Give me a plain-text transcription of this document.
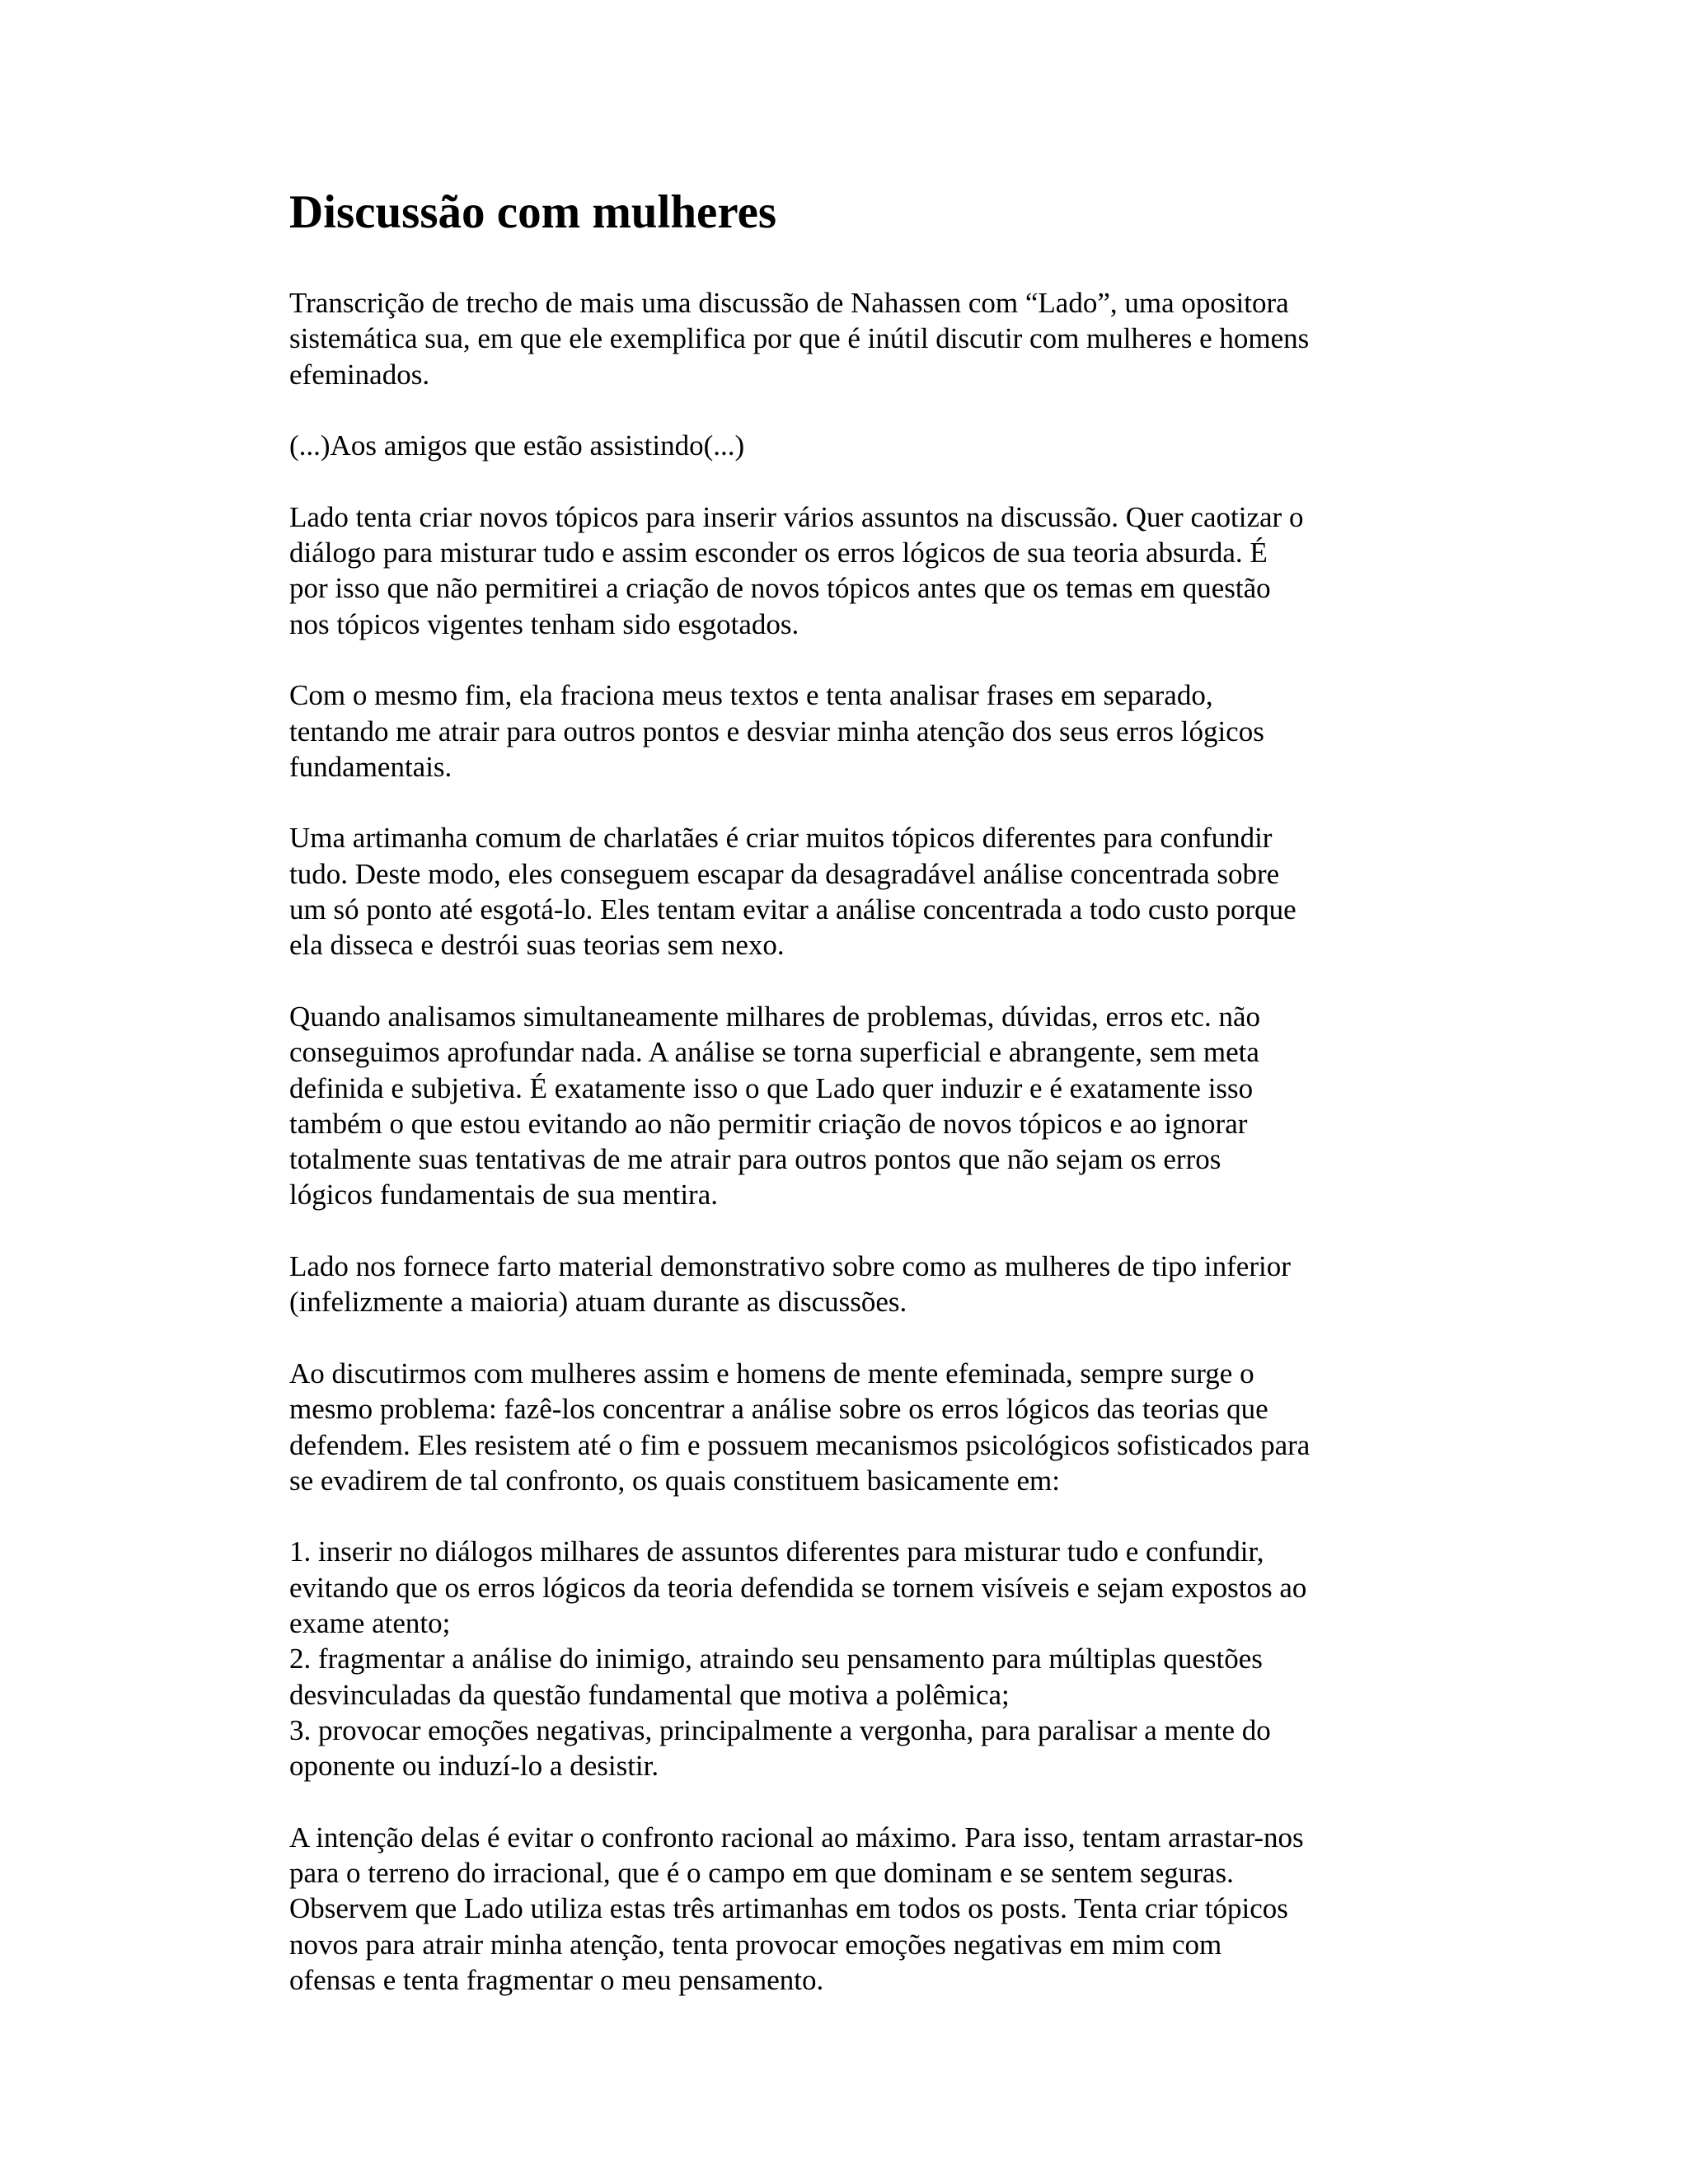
Discussão com mulheres

Transcrição de trecho de mais uma discussão de Nahassen com “Lado”, uma opositora
sistemática sua, em que ele exemplifica por que é inútil discutir com mulheres e homens
efeminados.

(...)Aos amigos que estão assistindo(...)

Lado tenta criar novos tópicos para inserir vários assuntos na discussão. Quer caotizar o
diálogo para misturar tudo e assim esconder os erros lógicos de sua teoria absurda. É
por isso que não permitirei a criação de novos tópicos antes que os temas em questão
nos tópicos vigentes tenham sido esgotados.

Com o mesmo fim, ela fraciona meus textos e tenta analisar frases em separado,
tentando me atrair para outros pontos e desviar minha atenção dos seus erros lógicos
fundamentais.

Uma artimanha comum de charlatães é criar muitos tópicos diferentes para confundir
tudo. Deste modo, eles conseguem escapar da desagradável análise concentrada sobre
um só ponto até esgotá-lo. Eles tentam evitar a análise concentrada a todo custo porque
ela disseca e destrói suas teorias sem nexo.

Quando analisamos simultaneamente milhares de problemas, dúvidas, erros etc. não
conseguimos aprofundar nada. A análise se torna superficial e abrangente, sem meta
definida e subjetiva. É exatamente isso o que Lado quer induzir e é exatamente isso
também o que estou evitando ao não permitir criação de novos tópicos e ao ignorar
totalmente suas tentativas de me atrair para outros pontos que não sejam os erros
lógicos fundamentais de sua mentira.

Lado nos fornece farto material demonstrativo sobre como as mulheres de tipo inferior
(infelizmente a maioria) atuam durante as discussões.

Ao discutirmos com mulheres assim e homens de mente efeminada, sempre surge o
mesmo problema: fazê-los concentrar a análise sobre os erros lógicos das teorias que
defendem. Eles resistem até o fim e possuem mecanismos psicológicos sofisticados para
se evadirem de tal confronto, os quais constituem basicamente em:

1. inserir no diálogos milhares de assuntos diferentes para misturar tudo e confundir,
evitando que os erros lógicos da teoria defendida se tornem visíveis e sejam expostos ao
exame atento;
2. fragmentar a análise do inimigo, atraindo seu pensamento para múltiplas questões
desvinculadas da questão fundamental que motiva a polêmica;
3. provocar emoções negativas, principalmente a vergonha, para paralisar a mente do
oponente ou induzí-lo a desistir.

A intenção delas é evitar o confronto racional ao máximo. Para isso, tentam arrastar-nos
para o terreno do irracional, que é o campo em que dominam e se sentem seguras.
Observem que Lado utiliza estas três artimanhas em todos os posts. Tenta criar tópicos
novos para atrair minha atenção, tenta provocar emoções negativas em mim com
ofensas e tenta fragmentar o meu pensamento.
